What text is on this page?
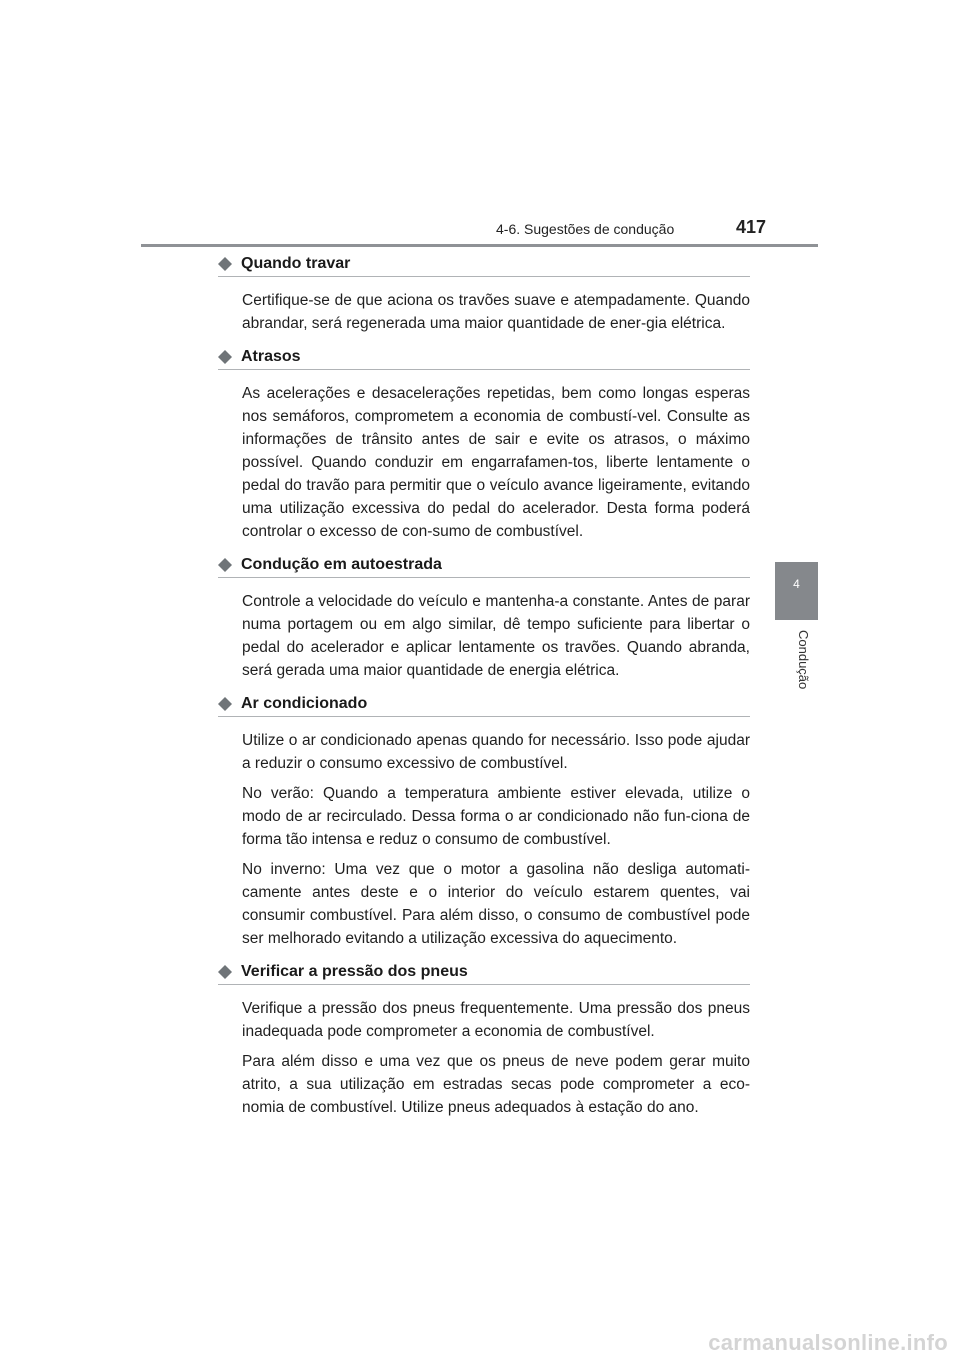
4-6. Sugestões de condução	417
4
Condução
Quando travar

Certifique-se de que aciona os travões suave e atempadamente. Quando abrandar, será regenerada uma maior quantidade de ener-gia elétrica.

Atrasos

As acelerações e desacelerações repetidas, bem como longas esperas nos semáforos, comprometem a economia de combustí-vel. Consulte as informações de trânsito antes de sair e evite os atrasos, o máximo possível. Quando conduzir em engarrafamen-tos, liberte lentamente o pedal do travão para permitir que o veículo avance ligeiramente, evitando uma utilização excessiva do pedal do acelerador. Desta forma poderá controlar o excesso de con-sumo de combustível.

Condução em autoestrada

Controle a velocidade do veículo e mantenha-a constante. Antes de parar numa portagem ou em algo similar, dê tempo suficiente para libertar o pedal do acelerador e aplicar lentamente os travões. Quando abranda, será gerada uma maior quantidade de energia elétrica.

Ar condicionado

Utilize o ar condicionado apenas quando for necessário. Isso pode ajudar a reduzir o consumo excessivo de combustível.

No verão: Quando a temperatura ambiente estiver elevada, utilize o modo de ar recirculado. Dessa forma o ar condicionado não fun-ciona de forma tão intensa e reduz o consumo de combustível.

No inverno: Uma vez que o motor a gasolina não desliga automati-camente antes deste e o interior do veículo estarem quentes, vai consumir combustível. Para além disso, o consumo de combustível pode ser melhorado evitando a utilização excessiva do aquecimento.

Verificar a pressão dos pneus

Verifique a pressão dos pneus frequentemente. Uma pressão dos pneus inadequada pode comprometer a economia de combustível.

Para além disso e uma vez que os pneus de neve podem gerar muito atrito, a sua utilização em estradas secas pode comprometer a eco-nomia de combustível. Utilize pneus adequados à estação do ano.

carmanualsonline.info
